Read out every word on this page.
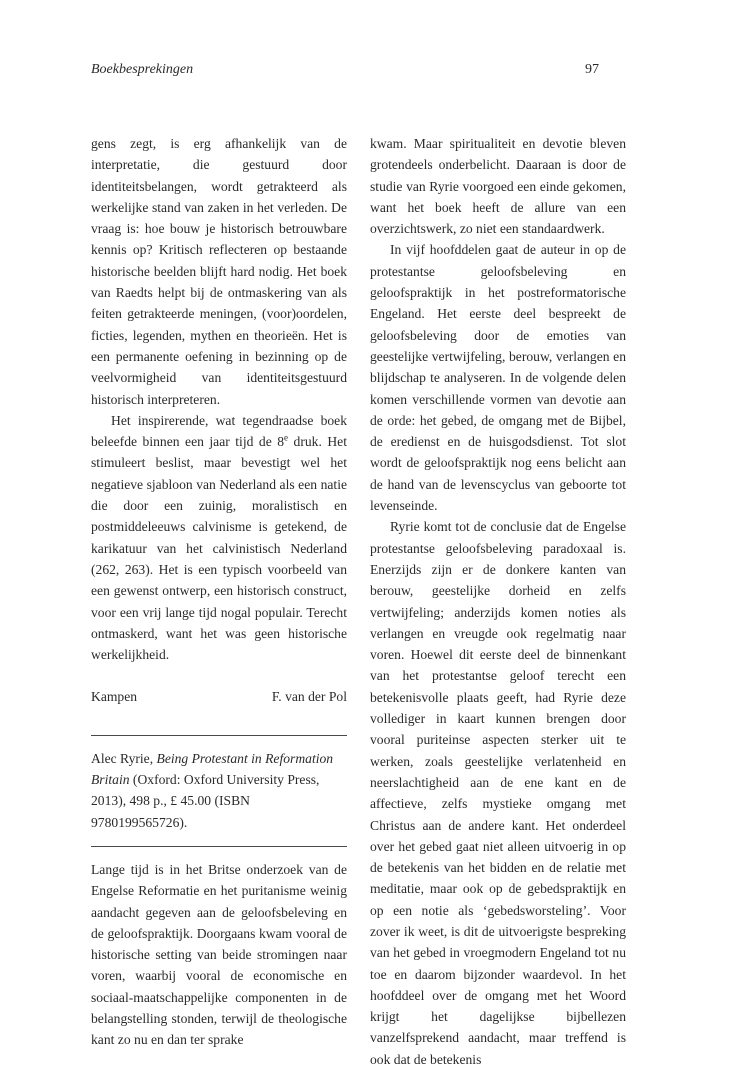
Boekbesprekingen	97

gens zegt, is erg afhankelijk van de interpretatie, die gestuurd door identiteitsbelangen, wordt getrakteerd als werkelijke stand van zaken in het verleden. De vraag is: hoe bouw je historisch betrouwbare kennis op? Kritisch reflecteren op bestaande historische beelden blijft hard nodig. Het boek van Raedts helpt bij de ontmaskering van als feiten getrakteerde meningen, (voor)oordelen, ficties, legenden, mythen en theorieën. Het is een permanente oefening in bezinning op de veelvormigheid van identiteitsgestuurd historisch interpreteren.

Het inspirerende, wat tegendraadse boek beleefde binnen een jaar tijd de 8e druk. Het stimuleert beslist, maar bevestigt wel het negatieve sjabloon van Nederland als een natie die door een zuinig, moralistisch en postmiddeleeuws calvinisme is getekend, de karikatuur van het calvinistisch Nederland (262, 263). Het is een typisch voorbeeld van een gewenst ontwerp, een historisch construct, voor een vrij lange tijd nogal populair. Terecht ontmaskerd, want het was geen historische werkelijkheid.

Kampen	F. van der Pol

Alec Ryrie, Being Protestant in Reformation Britain (Oxford: Oxford University Press, 2013), 498 p., £ 45.00 (ISBN 9780199565726).

Lange tijd is in het Britse onderzoek van de Engelse Reformatie en het puritanisme weinig aandacht gegeven aan de geloofsbeleving en de geloofspraktijk. Doorgaans kwam vooral de historische setting van beide stromingen naar voren, waarbij vooral de economische en sociaal-maatschappelijke componenten in de belangstelling stonden, terwijl de theologische kant zo nu en dan ter sprake

kwam. Maar spiritualiteit en devotie bleven grotendeels onderbelicht. Daaraan is door de studie van Ryrie voorgoed een einde gekomen, want het boek heeft de allure van een overzichtswerk, zo niet een standaardwerk.

In vijf hoofddelen gaat de auteur in op de protestantse geloofsbeleving en geloofspraktijk in het postreformatorische Engeland. Het eerste deel bespreekt de geloofsbeleving door de emoties van geestelijke vertwijfeling, berouw, verlangen en blijdschap te analyseren. In de volgende delen komen verschillende vormen van devotie aan de orde: het gebed, de omgang met de Bijbel, de eredienst en de huisgodsdienst. Tot slot wordt de geloofspraktijk nog eens belicht aan de hand van de levenscyclus van geboorte tot levenseinde.

Ryrie komt tot de conclusie dat de Engelse protestantse geloofsbeleving paradoxaal is. Enerzijds zijn er de donkere kanten van berouw, geestelijke dorheid en zelfs vertwijfeling; anderzijds komen noties als verlangen en vreugde ook regelmatig naar voren. Hoewel dit eerste deel de binnenkant van het protestantse geloof terecht een betekenisvolle plaats geeft, had Ryrie deze vollediger in kaart kunnen brengen door vooral puriteinse aspecten sterker uit te werken, zoals geestelijke verlatenheid en neerslachtigheid aan de ene kant en de affectieve, zelfs mystieke omgang met Christus aan de andere kant. Het onderdeel over het gebed gaat niet alleen uitvoerig in op de betekenis van het bidden en de relatie met meditatie, maar ook op de gebedspraktijk en op een notie als ‘gebedsworsteling’. Voor zover ik weet, is dit de uitvoerigste bespreking van het gebed in vroegmodern Engeland tot nu toe en daarom bijzonder waardevol. In het hoofddeel over de omgang met het Woord krijgt het dagelijkse bijbellezen vanzelfsprekend aandacht, maar treffend is ook dat de betekenis
